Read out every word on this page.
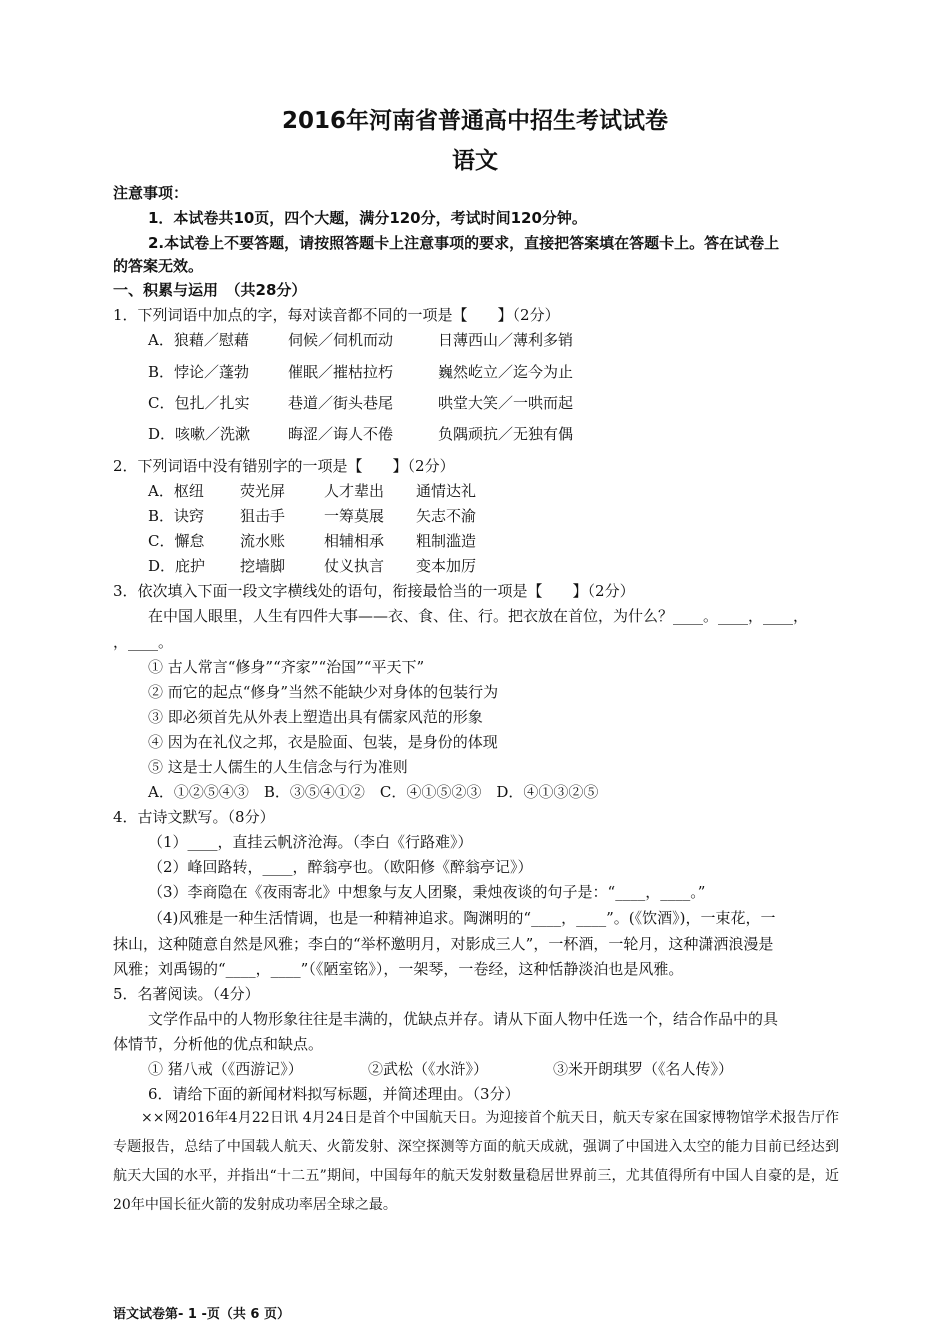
2016年河南省普通高中招生考试试卷
语文
注意事项：
1．本试卷共10页，四个大题，满分120分，考试时间120分钟。
2.本试卷上不要答题，请按照答题卡上注意事项的要求，直接把答案填在答题卡上。答在试卷上
的答案无效。
一、积累与运用　（共28分）
1．下列词语中加点的字，每对读音都不同的一项是【　　】（2分）
A．狼藉／慰藉	伺候／伺机而动	日薄西山／薄利多销
B．悖论／蓬勃	催眠／摧枯拉朽	巍然屹立／迄今为止
C．包扎／扎实	巷道／街头巷尾	哄堂大笑／一哄而起
D．咳嗽／洗漱	晦涩／诲人不倦	负隅顽抗／无独有偶
2．下列词语中没有错别字的一项是【　　】（2分）
A．枢纽 荧光屏	人才辈出 通情达礼
B．诀窍 狙击手	一筹莫展 矢志不渝
C．懈怠 流水账	相辅相承 粗制滥造
D．庇护 挖墙脚	仗义执言 变本加厉
3．依次填入下面一段文字横线处的语句，衔接最恰当的一项是【　　】（2分）
在中国人眼里，人生有四件大事——衣、食、住、行。把衣放在首位，为什么？____。____，____，
，____。
① 古人常言“修身”“齐家”“治国”“平天下”
② 而它的起点“修身”当然不能缺少对身体的包装行为
③ 即必须首先从外表上塑造出具有儒家风范的形象
④ 因为在礼仪之邦，衣是脸面、包装，是身份的体现
⑤ 这是士人儒生的人生信念与行为准则
A．①②⑤④③　B．③⑤④①②　C．④①⑤②③　D．④①③②⑤
4．古诗文默写。（8分）
（1）____，直挂云帆济沧海。（李白《行路难》）
（2）峰回路转，____，醉翁亭也。（欧阳修《醉翁亭记》）
（3）李商隐在《夜雨寄北》中想象与友人团聚，秉烛夜谈的句子是：“____，____。”
（4)风雅是一种生活情调，也是一种精神追求。陶渊明的“____，____”。(《饮酒》)，一束花，一
抹山，这种随意自然是风雅；李白的“举杯邀明月，对影成三人”，一杯酒，一轮月，这种潇洒浪漫是
风雅；刘禹锡的“____，____”（《陋室铭》），一架琴，一卷经，这种恬静淡泊也是风雅。
5．名著阅读。（4分）
文学作品中的人物形象往往是丰满的，优缺点并存。请从下面人物中任选一个，结合作品中的具
体情节，分析他的优点和缺点。
① 猪八戒（《西游记》）	②武松（《水浒》）	③米开朗琪罗（《名人传》）
6．请给下面的新闻材料拟写标题，并简述理由。（3分）
××网2016年4月22日讯 4月24日是首个中国航天日。为迎接首个航天日，航天专家在国家博物馆学术报告厅作专题报告，总结了中国载人航天、火箭发射、深空探测等方面的航天成就，强调了中国进入太空的能力目前已经达到航天大国的水平，并指出“十二五”期间，中国每年的航天发射数量稳居世界前三，尤其值得所有中国人自豪的是，近20年中国长征火箭的发射成功率居全球之最。
语文试卷第- 1 -页（共 6 页）
